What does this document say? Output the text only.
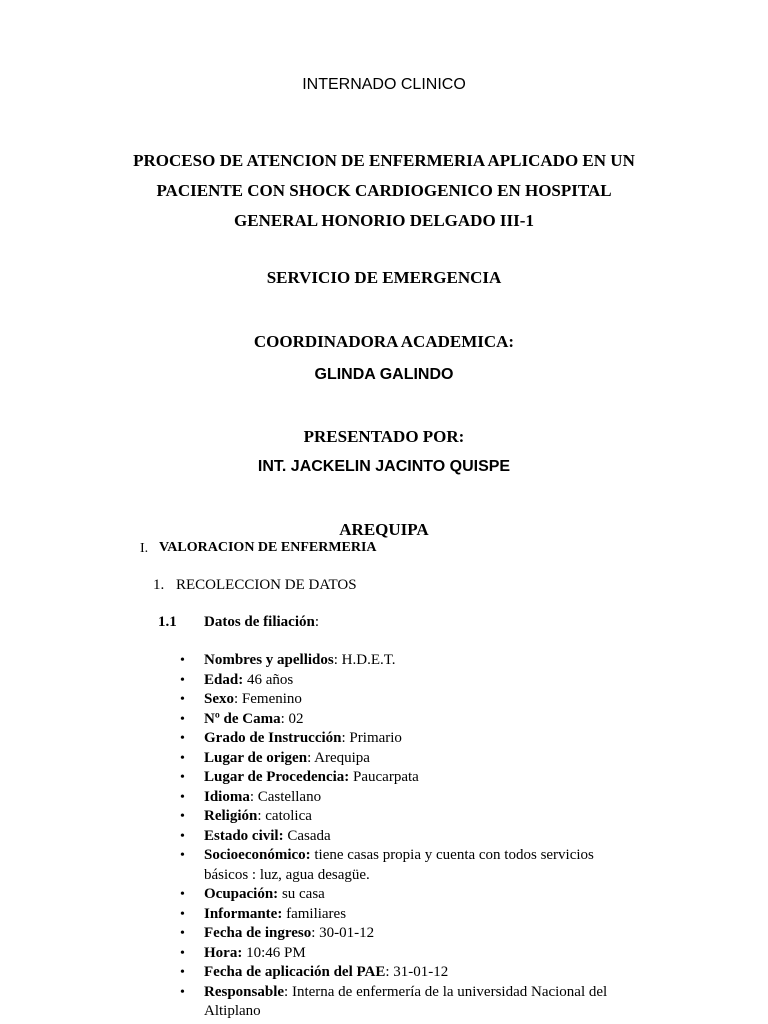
INTERNADO CLINICO
PROCESO DE ATENCION DE ENFERMERIA APLICADO EN UN
PACIENTE CON SHOCK CARDIOGENICO EN HOSPITAL
GENERAL HONORIO DELGADO III-1
SERVICIO DE EMERGENCIA
COORDINADORA ACADEMICA:
GLINDA GALINDO
PRESENTADO POR:
INT. JACKELIN JACINTO QUISPE
AREQUIPA
I. VALORACION DE ENFERMERIA
1. RECOLECCION DE DATOS
1.1 Datos de filiación:
• Nombres y apellidos: H.D.E.T.
• Edad: 46 años
• Sexo: Femenino
• Nº de Cama: 02
• Grado de Instrucción: Primario
• Lugar de origen: Arequipa
• Lugar de Procedencia: Paucarpata
• Idioma: Castellano
• Religión: catolica
• Estado civil: Casada
• Socioeconómico: tiene casas propia y cuenta con todos servicios básicos : luz, agua desagüe.
• Ocupación: su casa
• Informante: familiares
• Fecha de ingreso: 30-01-12
• Hora: 10:46 PM
• Fecha de aplicación del PAE: 31-01-12
• Responsable: Interna de enfermería de la universidad Nacional del Altiplano
